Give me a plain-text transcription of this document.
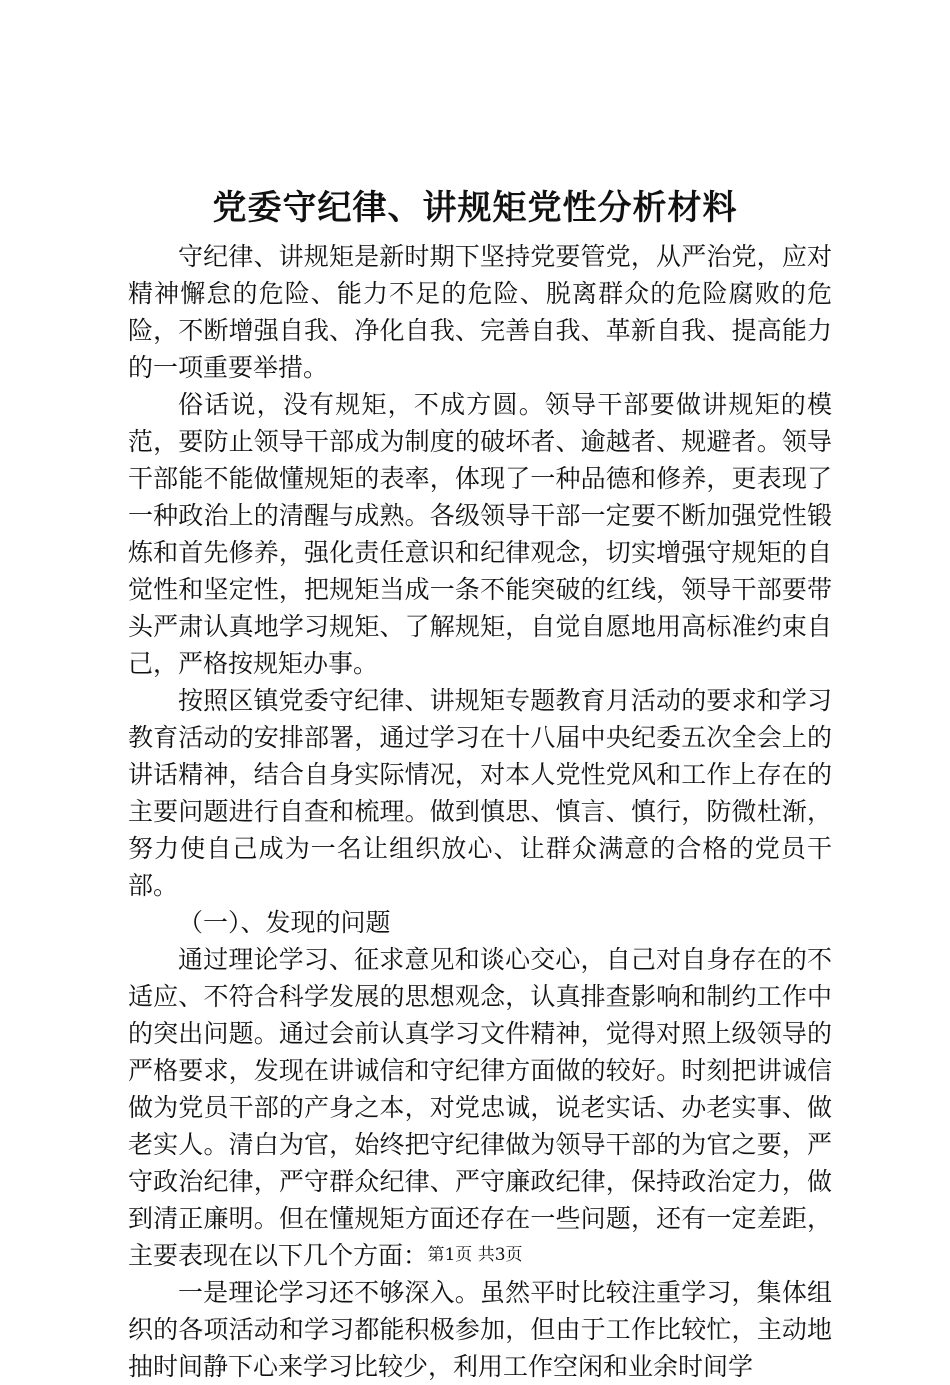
党委守纪律、讲规矩党性分析材料

守纪律、讲规矩是新时期下坚持党要管党，从严治党，应对精神懈怠的危险、能力不足的危险、脱离群众的危险腐败的危险，不断增强自我、净化自我、完善自我、革新自我、提高能力的一项重要举措。

俗话说，没有规矩，不成方圆。领导干部要做讲规矩的模范，要防止领导干部成为制度的破坏者、逾越者、规避者。领导干部能不能做懂规矩的表率，体现了一种品德和修养，更表现了一种政治上的清醒与成熟。各级领导干部一定要不断加强党性锻炼和首先修养，强化责任意识和纪律观念，切实增强守规矩的自觉性和坚定性，把规矩当成一条不能突破的红线，领导干部要带头严肃认真地学习规矩、了解规矩，自觉自愿地用高标准约束自己，严格按规矩办事。

按照区镇党委守纪律、讲规矩专题教育月活动的要求和学习教育活动的安排部署，通过学习在十八届中央纪委五次全会上的讲话精神，结合自身实际情况，对本人党性党风和工作上存在的主要问题进行自查和梳理。做到慎思、慎言、慎行，防微杜渐，努力使自己成为一名让组织放心、让群众满意的合格的党员干部。

（一）、发现的问题

通过理论学习、征求意见和谈心交心，自己对自身存在的不适应、不符合科学发展的思想观念，认真排查影响和制约工作中的突出问题。通过会前认真学习文件精神，觉得对照上级领导的严格要求，发现在讲诚信和守纪律方面做的较好。时刻把讲诚信做为党员干部的产身之本，对党忠诚，说老实话、办老实事、做老实人。清白为官，始终把守纪律做为领导干部的为官之要，严守政治纪律，严守群众纪律、严守廉政纪律，保持政治定力，做到清正廉明。但在懂规矩方面还存在一些问题，还有一定差距，主要表现在以下几个方面：

一是理论学习还不够深入。虽然平时比较注重学习，集体组织的各项活动和学习都能积极参加，但由于工作比较忙，主动地抽时间静下心来学习比较少，利用工作空闲和业余时间学

第1页 共3页
